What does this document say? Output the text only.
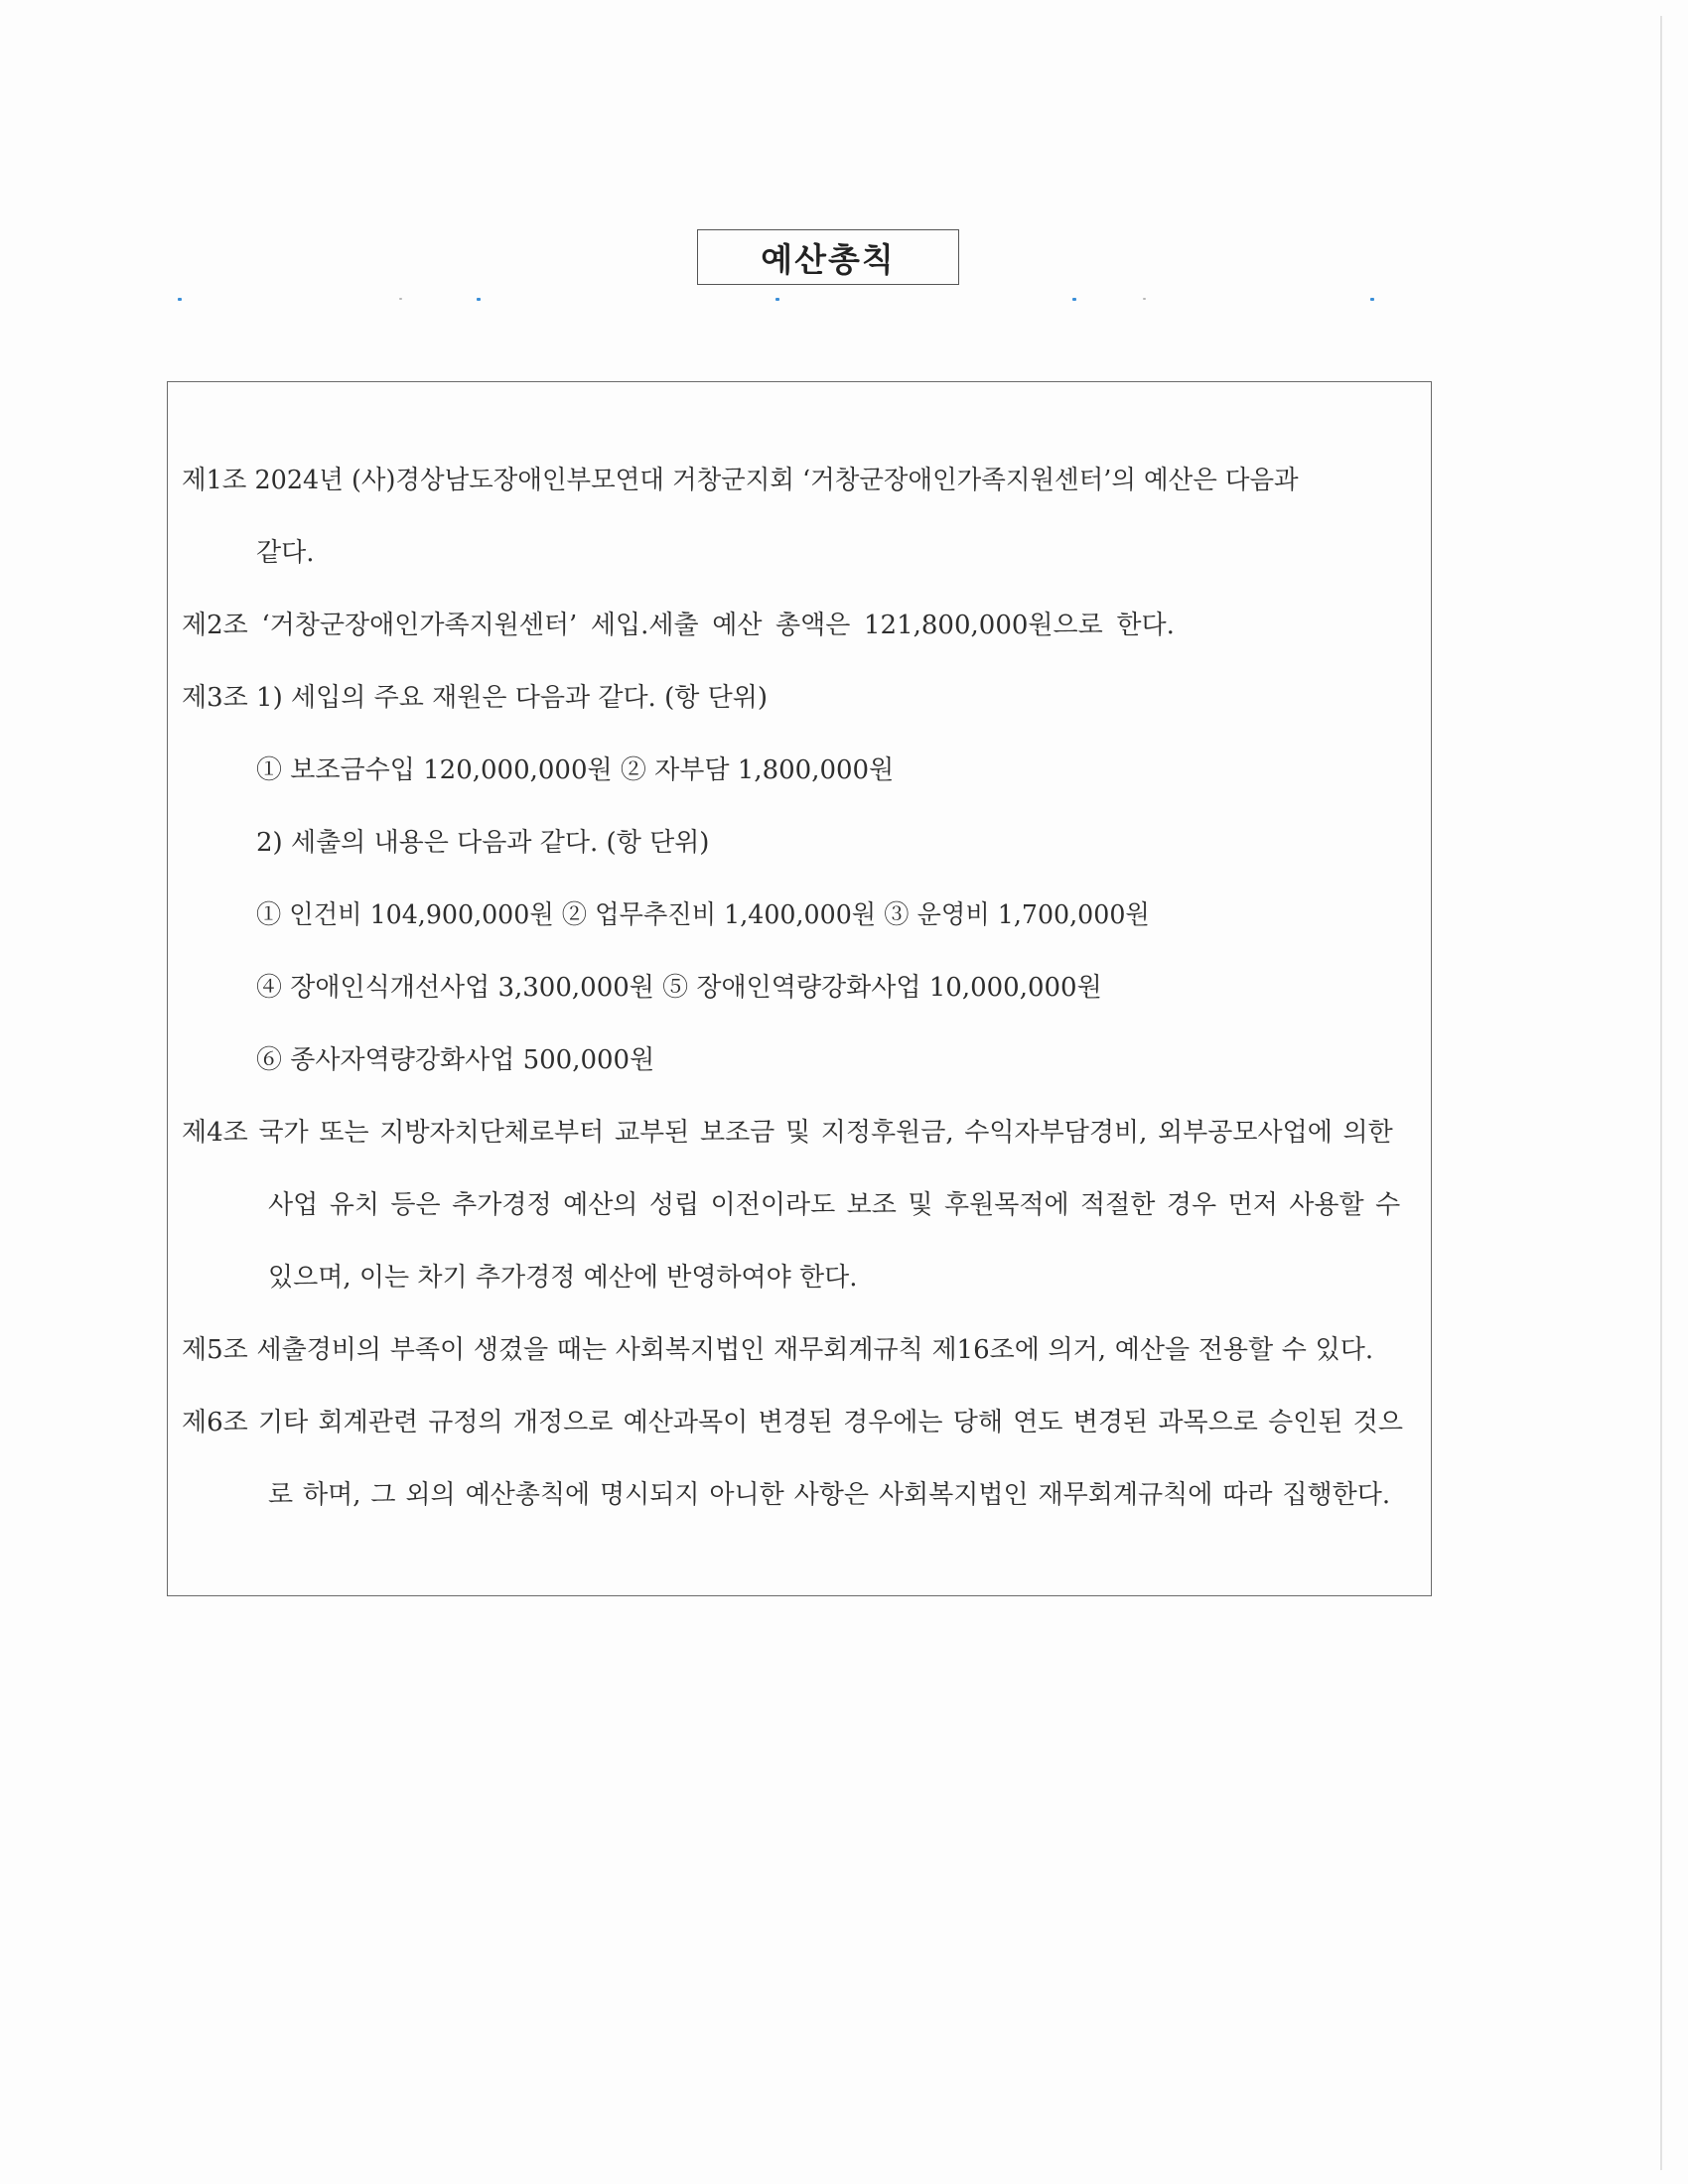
예산총칙
제1조 2024년 (사)경상남도장애인부모연대 거창군지회 ‘거창군장애인가족지원센터’의 예산은 다음과
같다.
제2조 ‘거창군장애인가족지원센터’ 세입.세출 예산 총액은 121,800,000원으로 한다.
제3조 1) 세입의 주요 재원은 다음과 같다. (항 단위)
① 보조금수입 120,000,000원 ② 자부담 1,800,000원
2) 세출의 내용은 다음과 같다. (항 단위)
① 인건비 104,900,000원 ② 업무추진비 1,400,000원 ③ 운영비 1,700,000원
④ 장애인식개선사업 3,300,000원 ⑤ 장애인역량강화사업 10,000,000원
⑥ 종사자역량강화사업 500,000원
제4조 국가 또는 지방자치단체로부터 교부된 보조금 및 지정후원금, 수익자부담경비, 외부공모사업에 의한
사업 유치 등은 추가경정 예산의 성립 이전이라도 보조 및 후원목적에 적절한 경우 먼저 사용할 수
있으며, 이는 차기 추가경정 예산에 반영하여야 한다.
제5조 세출경비의 부족이 생겼을 때는 사회복지법인 재무회계규칙 제16조에 의거, 예산을 전용할 수 있다.
제6조 기타 회계관련 규정의 개정으로 예산과목이 변경된 경우에는 당해 연도 변경된 과목으로 승인된 것으
로 하며, 그 외의 예산총칙에 명시되지 아니한 사항은 사회복지법인 재무회계규칙에 따라 집행한다.
